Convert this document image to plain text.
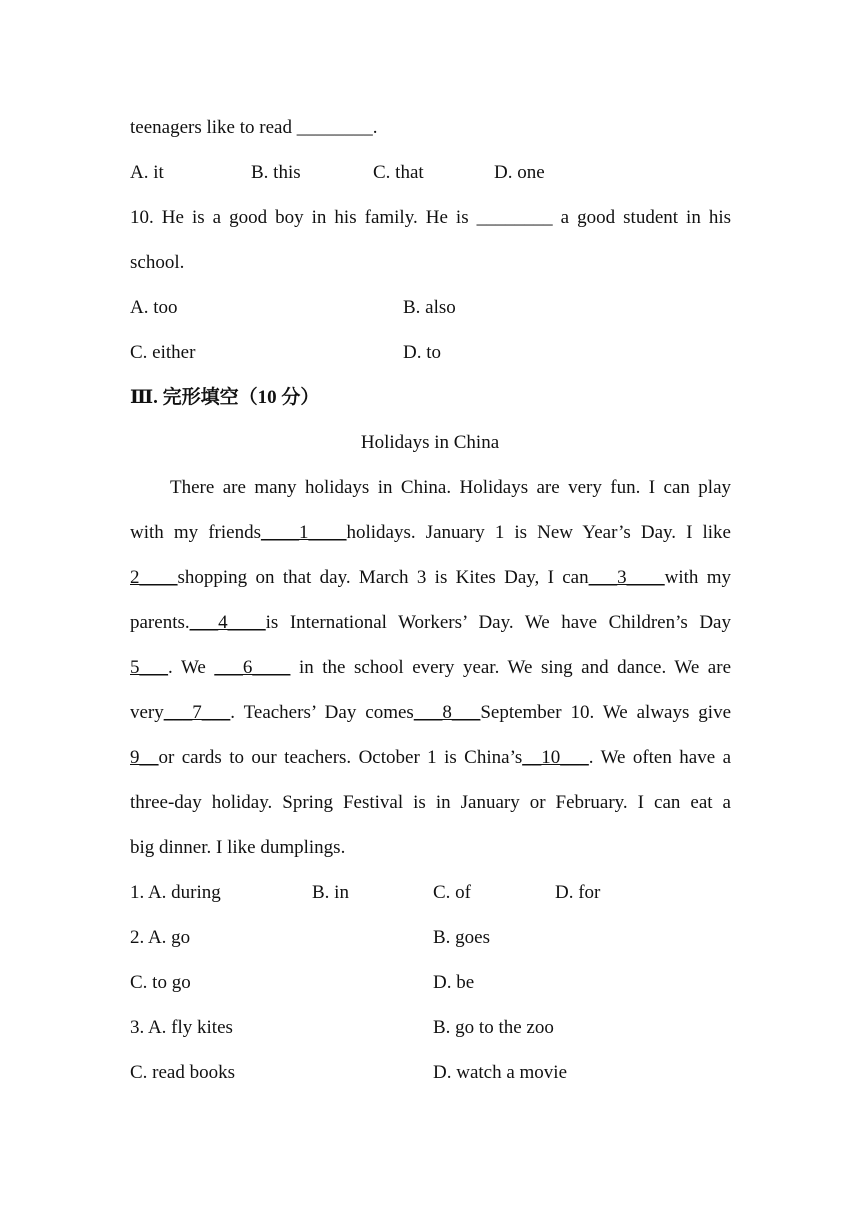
teenagers like to read ________.
A. it	B. this	C. that	D. one
10. He is a good boy in his family. He is ________ a good student in his
school.
A. too	B. also
C. either	D. to
Ⅲ. 完形填空（10 分）
Holidays in China
There are many holidays in China. Holidays are very fun. I can play
with my friends____1____holidays. January 1 is New Year’s Day. I like
2____shopping on that day. March 3 is Kites Day, I can___3____with my
parents.___4____is International Workers’ Day. We have Children’s Day
5___. We ___6____ in the school every year. We sing and dance. We are
very___7___. Teachers’ Day comes___8___September 10. We always give
9__or cards to our teachers. October 1 is China’s__10___. We often have a
three-day holiday. Spring Festival is in January or February. I can eat a
big dinner. I like dumplings.
1. A. during	B. in	C. of	D. for
2. A. go	B. goes
C. to go	D. be
3. A. fly kites	B. go to the zoo
C. read books	D. watch a movie
